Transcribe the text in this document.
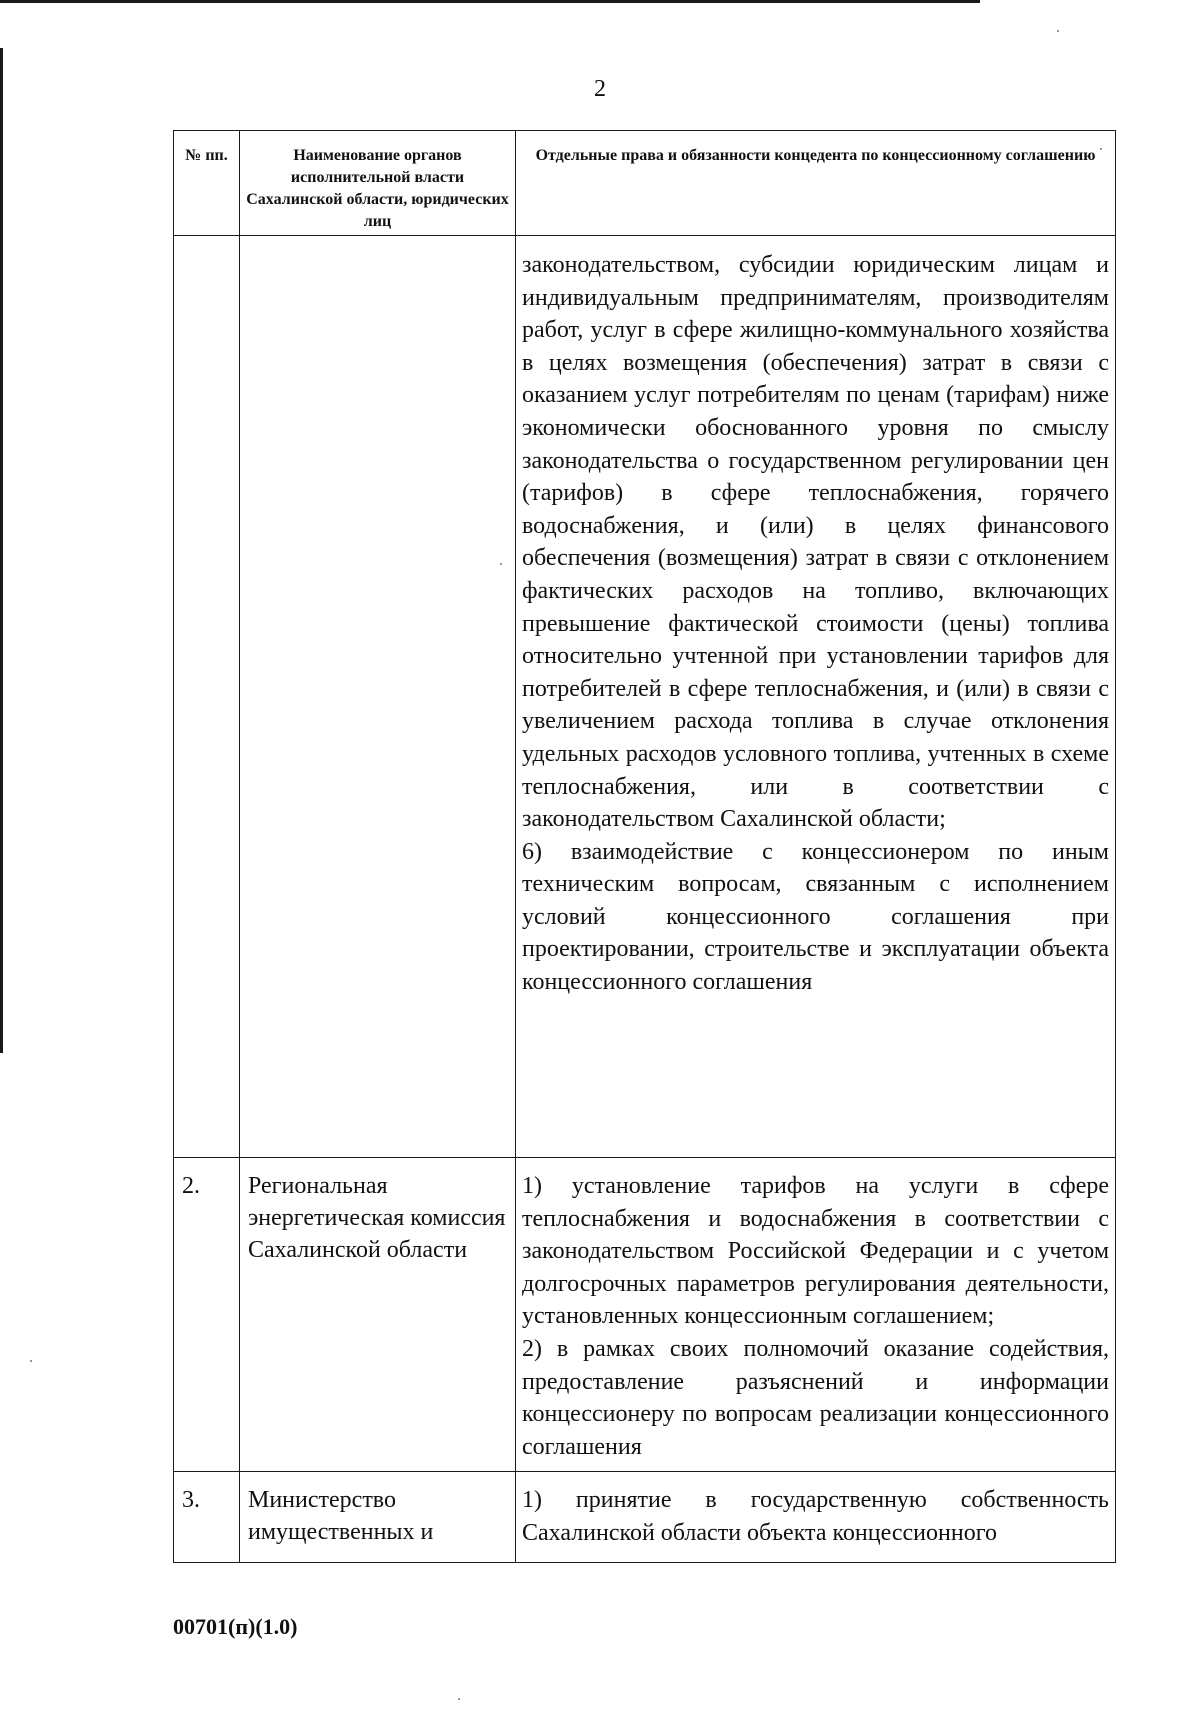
2
№ пп.	Наименование органов исполнительной власти Сахалинской области, юридических лиц	Отдельные права и обязанности концедента по концессионному соглашению

		законодательством, субсидии юридическим лицам и индивидуальным предпринимателям, производителям работ, услуг в сфере жилищно-коммунального хозяйства в целях возмещения (обеспечения) затрат в связи с оказанием услуг потребителям по ценам (тарифам) ниже экономически обоснованного уровня по смыслу законодательства о государственном регулировании цен (тарифов) в сфере теплоснабжения, горячего водоснабжения, и (или) в целях финансового обеспечения (возмещения) затрат в связи с отклонением фактических расходов на топливо, включающих превышение фактической стоимости (цены) топлива относительно учтенной при установлении тарифов для потребителей в сфере теплоснабжения, и (или) в связи с увеличением расхода топлива в случае отклонения удельных расходов условного топлива, учтенных в схеме теплоснабжения, или в соответствии с законодательством Сахалинской области;

6) взаимодействие с концессионером по иным техническим вопросам, связанным с исполнением условий концессионного соглашения при проектировании, строительстве и эксплуатации объекта концессионного соглашения

2.	Региональная энергетическая комиссия Сахалинской области	1) установление тарифов на услуги в сфере теплоснабжения и водоснабжения в соответствии с законодательством Российской Федерации и с учетом долгосрочных параметров регулирования деятельности, установленных концессионным соглашением;

2) в рамках своих полномочий оказание содействия, предоставление разъяснений и информации концессионеру по вопросам реализации концессионного соглашения

3.	Министерство имущественных и	1) принятие в государственную собственность Сахалинской области объекта концессионного

00701(п)(1.0)
